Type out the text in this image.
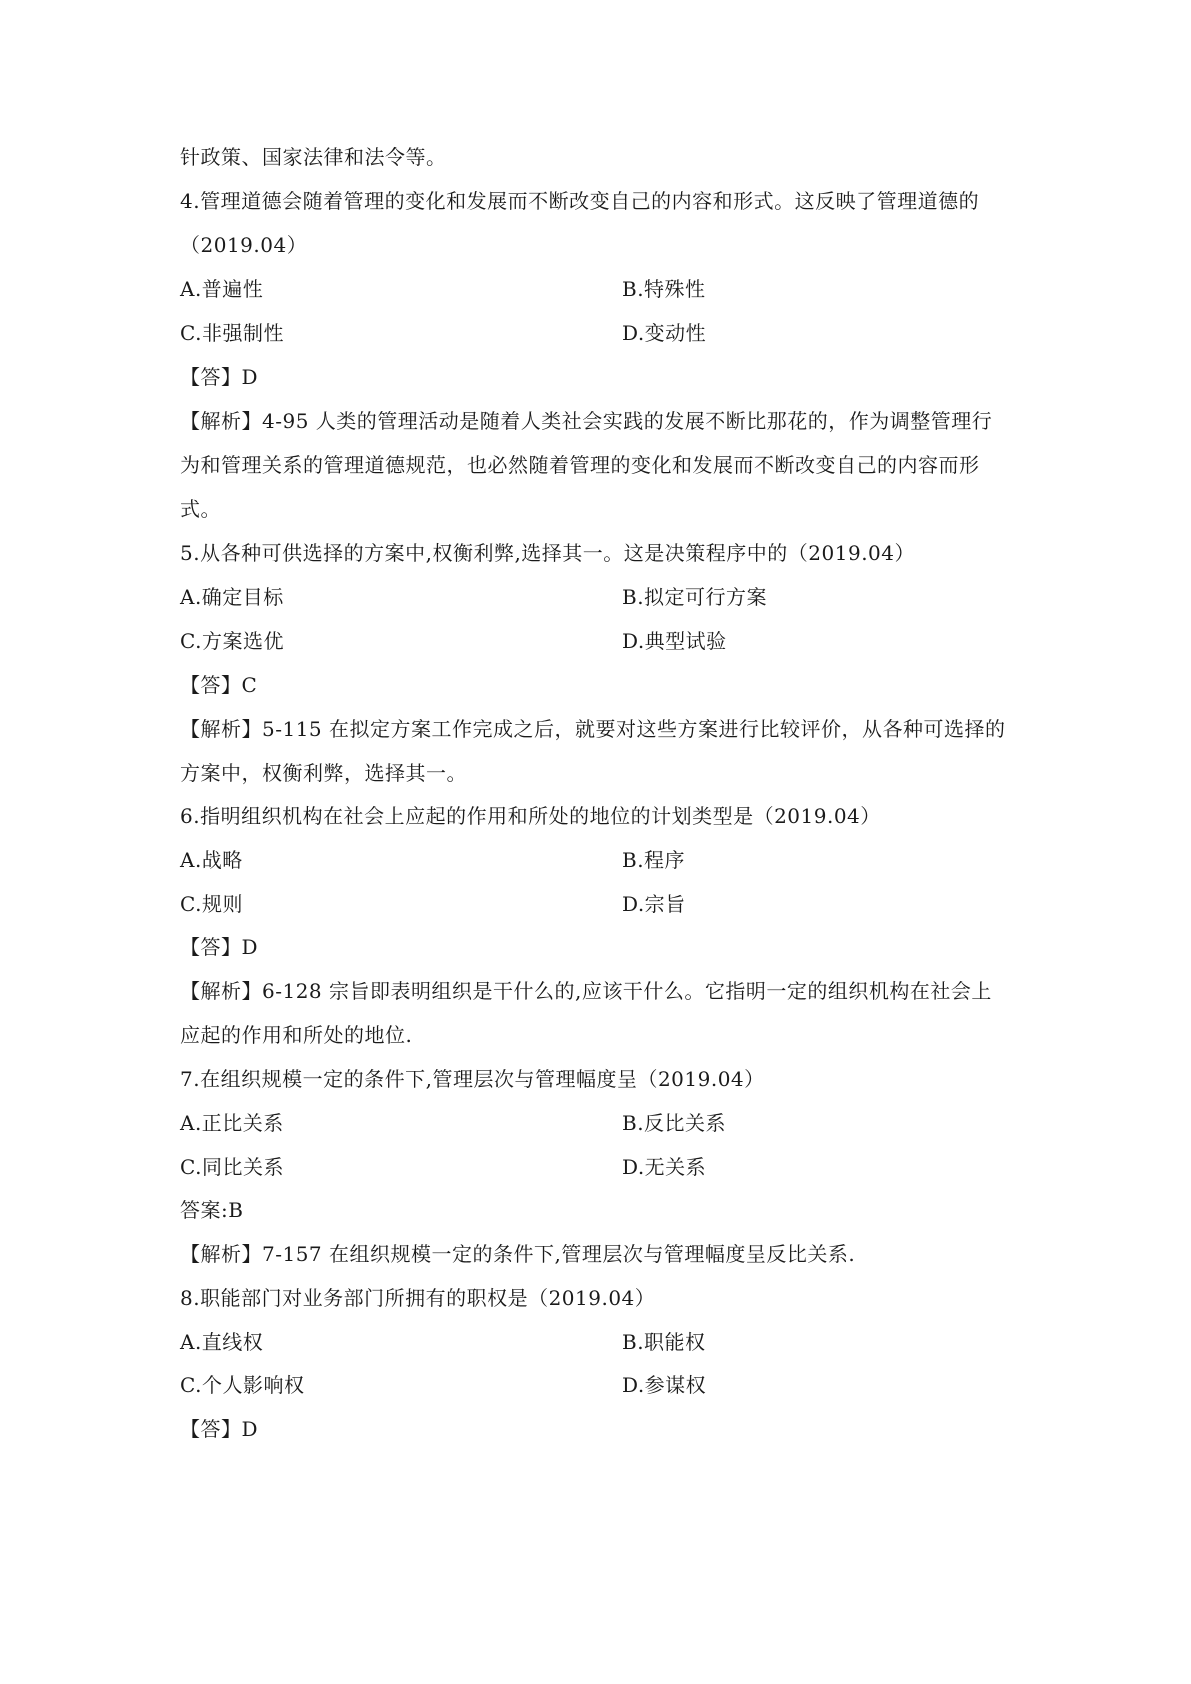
针政策、国家法律和法令等。
4.管理道德会随着管理的变化和发展而不断改变自己的内容和形式。这反映了管理道德的
（2019.04）
A.普遍性	B.特殊性
C.非强制性	D.变动性
【答】D
【解析】4-95 人类的管理活动是随着人类社会实践的发展不断比那花的，作为调整管理行
为和管理关系的管理道德规范，也必然随着管理的变化和发展而不断改变自己的内容而形
式。
5.从各种可供选择的方案中,权衡利弊,选择其一。这是决策程序中的（2019.04）
A.确定目标	B.拟定可行方案
C.方案选优	D.典型试验
【答】C
【解析】5-115 在拟定方案工作完成之后，就要对这些方案进行比较评价，从各种可选择的
方案中，权衡利弊，选择其一。
6.指明组织机构在社会上应起的作用和所处的地位的计划类型是（2019.04）
A.战略	B.程序
C.规则	D.宗旨
【答】D
【解析】6-128 宗旨即表明组织是干什么的,应该干什么。它指明一定的组织机构在社会上
应起的作用和所处的地位.
7.在组织规模一定的条件下,管理层次与管理幅度呈（2019.04）
A.正比关系	B.反比关系
C.同比关系	D.无关系
答案:B
【解析】7-157 在组织规模一定的条件下,管理层次与管理幅度呈反比关系.
8.职能部门对业务部门所拥有的职权是（2019.04）
A.直线权	B.职能权
C.个人影响权	D.参谋权
【答】D
